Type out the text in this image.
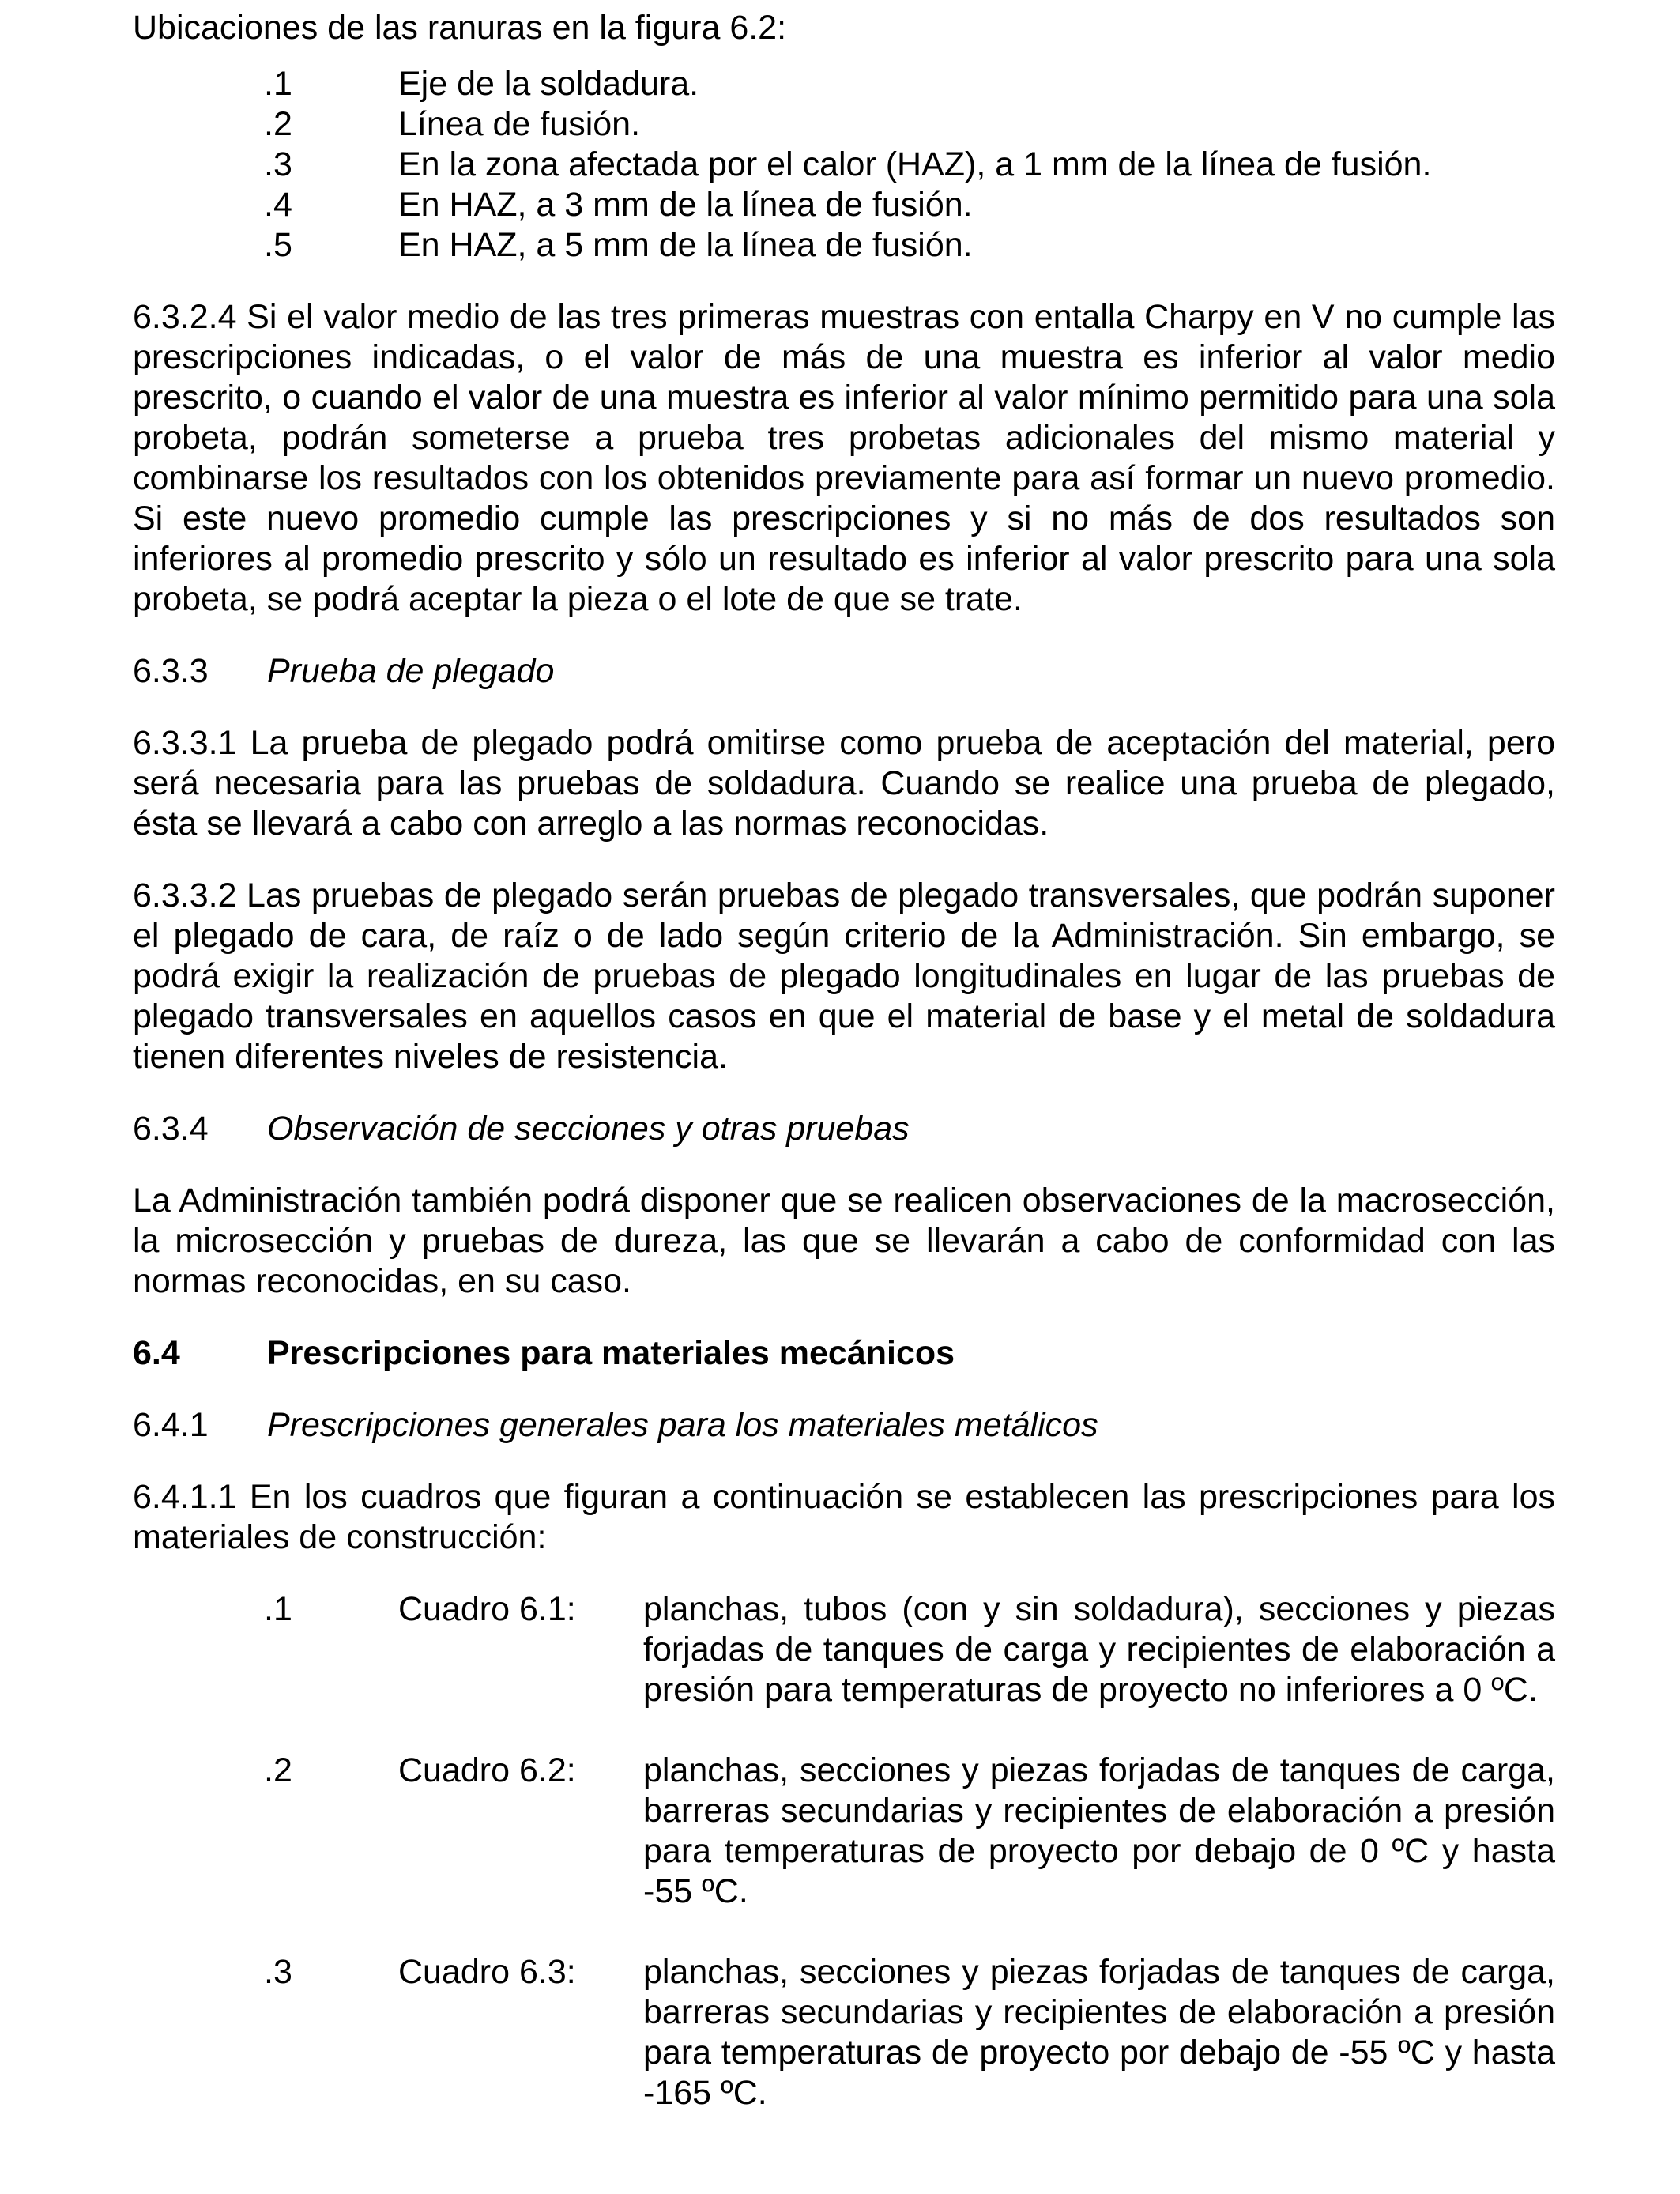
Ubicaciones de las ranuras en la figura 6.2:

.1	Eje de la soldadura.
.2	Línea de fusión.
.3	En la zona afectada por el calor (HAZ), a 1 mm de la línea de fusión.
.4	En HAZ, a 3 mm de la línea de fusión.
.5	En HAZ, a 5 mm de la línea de fusión.

6.3.2.4 Si el valor medio de las tres primeras muestras con entalla Charpy en V no cumple las prescripciones indicadas, o el valor de más de una muestra es inferior al valor medio prescrito, o cuando el valor de una muestra es inferior al valor mínimo permitido para una sola probeta, podrán someterse a prueba tres probetas adicionales del mismo material y combinarse los resultados con los obtenidos previamente para así formar un nuevo promedio. Si este nuevo promedio cumple las prescripciones y si no más de dos resultados son inferiores al promedio prescrito y sólo un resultado es inferior al valor prescrito para una sola probeta, se podrá aceptar la pieza o el lote de que se trate.

6.3.3	Prueba de plegado

6.3.3.1 La prueba de plegado podrá omitirse como prueba de aceptación del material, pero será necesaria para las pruebas de soldadura. Cuando se realice una prueba de plegado, ésta se llevará a cabo con arreglo a las normas reconocidas.

6.3.3.2 Las pruebas de plegado serán pruebas de plegado transversales, que podrán suponer el plegado de cara, de raíz o de lado según criterio de la Administración. Sin embargo, se podrá exigir la realización de pruebas de plegado longitudinales en lugar de las pruebas de plegado transversales en aquellos casos en que el material de base y el metal de soldadura tienen diferentes niveles de resistencia.

6.3.4	Observación de secciones y otras pruebas

La Administración también podrá disponer que se realicen observaciones de la macrosección, la microsección y pruebas de dureza, las que se llevarán a cabo de conformidad con las normas reconocidas, en su caso.

6.4	Prescripciones para materiales mecánicos
6.4.1	Prescripciones generales para los materiales metálicos

6.4.1.1 En los cuadros que figuran a continuación se establecen las prescripciones para los materiales de construcción:

.1	Cuadro 6.1:	planchas, tubos (con y sin soldadura), secciones y piezas forjadas de tanques de carga y recipientes de elaboración a presión para temperaturas de proyecto no inferiores a 0 ºC.
.2	Cuadro 6.2:	planchas, secciones y piezas forjadas de tanques de carga, barreras secundarias y recipientes de elaboración a presión para temperaturas de proyecto por debajo de 0 ºC y hasta -55 ºC.
.3	Cuadro 6.3:	planchas, secciones y piezas forjadas de tanques de carga, barreras secundarias y recipientes de elaboración a presión para temperaturas de proyecto por debajo de -55 ºC y hasta -165 ºC.
